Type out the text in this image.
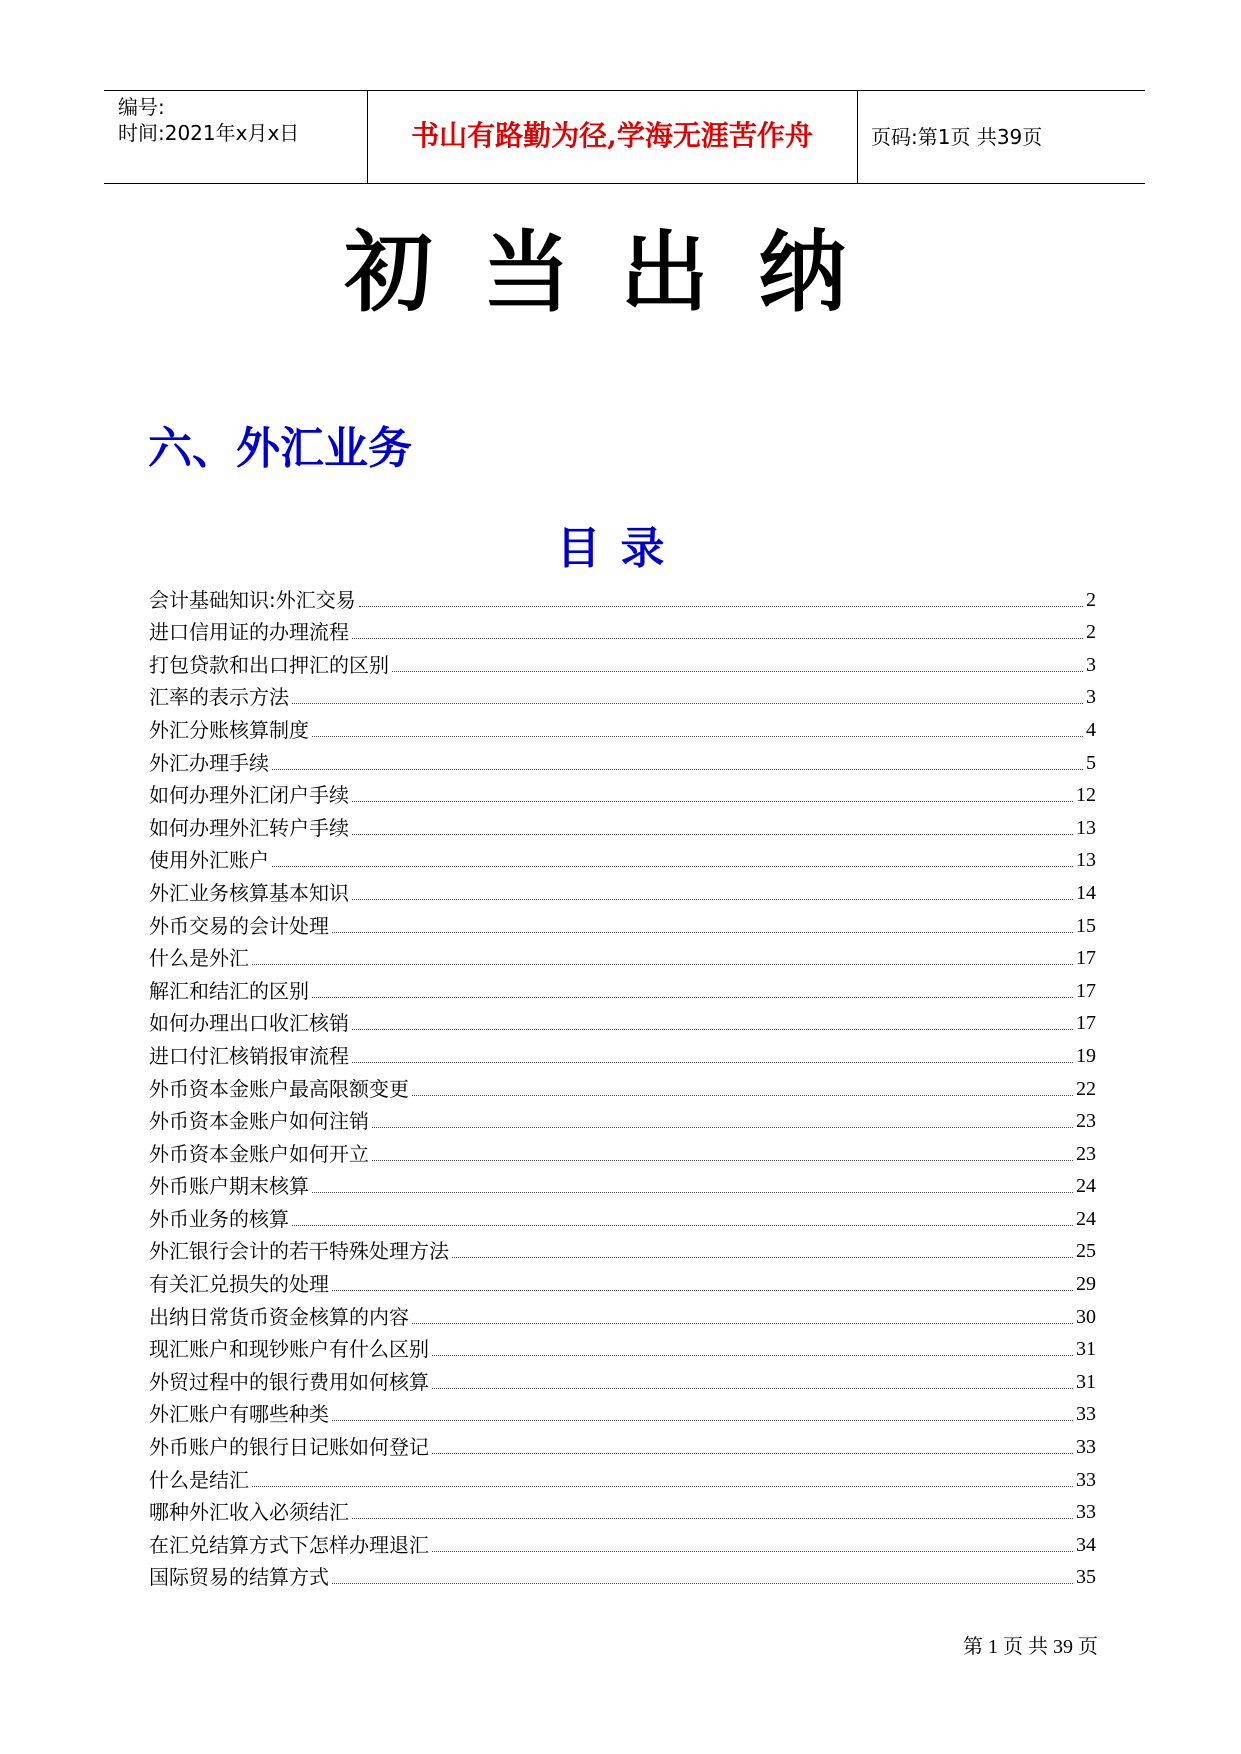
编号:
时间:2021年x月x日	书山有路勤为径,学海无涯苦作舟	页码:第1页 共39页
初当出纳
六、外汇业务
目录
会计基础知识:外汇交易	2
进口信用证的办理流程	2
打包贷款和出口押汇的区别	3
汇率的表示方法	3
外汇分账核算制度	4
外汇办理手续	5
如何办理外汇闭户手续	12
如何办理外汇转户手续	13
使用外汇账户	13
外汇业务核算基本知识	14
外币交易的会计处理	15
什么是外汇	17
解汇和结汇的区别	17
如何办理出口收汇核销	17
进口付汇核销报审流程	19
外币资本金账户最高限额变更	22
外币资本金账户如何注销	23
外币资本金账户如何开立	23
外币账户期末核算	24
外币业务的核算	24
外汇银行会计的若干特殊处理方法	25
有关汇兑损失的处理	29
出纳日常货币资金核算的内容	30
现汇账户和现钞账户有什么区别	31
外贸过程中的银行费用如何核算	31
外汇账户有哪些种类	33
外币账户的银行日记账如何登记	33
什么是结汇	33
哪种外汇收入必须结汇	33
在汇兑结算方式下怎样办理退汇	34
国际贸易的结算方式	35
第 1 页 共 39 页
